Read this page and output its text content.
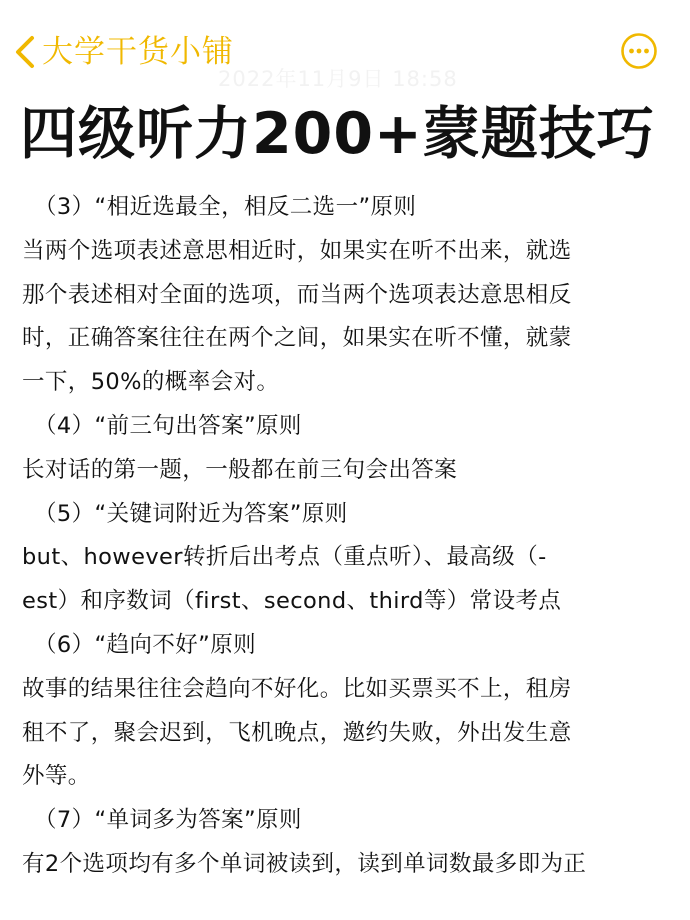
大学干货小铺
2022年11月9日 18:58
四级听力200+蒙题技巧
（3）“相近选最全，相反二选一”原则
当两个选项表述意思相近时，如果实在听不出来，就选
那个表述相对全面的选项，而当两个选项表达意思相反
时，正确答案往往在两个之间，如果实在听不懂，就蒙
一下，50%的概率会对。
（4）“前三句出答案”原则
长对话的第一题，一般都在前三句会出答案
（5）“关键词附近为答案”原则
but、however转折后出考点（重点听）、最高级（-
est）和序数词（first、second、third等）常设考点
（6）“趋向不好”原则
故事的结果往往会趋向不好化。比如买票买不上，租房
租不了，聚会迟到，飞机晚点，邀约失败，外出发生意
外等。
（7）“单词多为答案”原则
有2个选项均有多个单词被读到，读到单词数最多即为正
